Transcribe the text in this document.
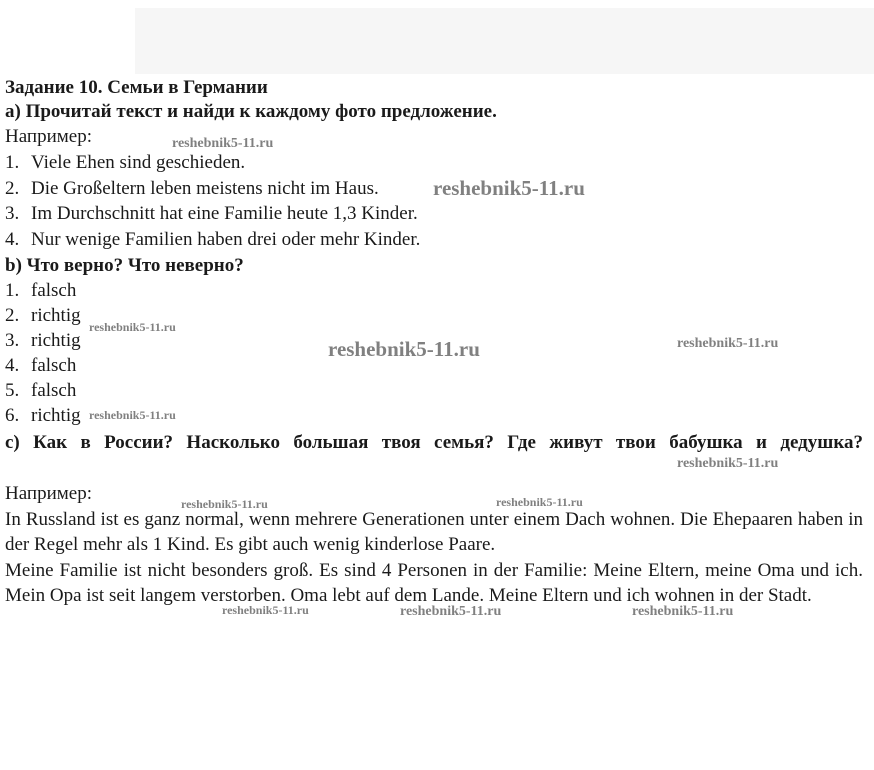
Задание 10. Семьи в Германии
a) Прочитай текст и найди к каждому фото предложение.
Например:
1. Viele Ehen sind geschieden.
2. Die Großeltern leben meistens nicht im Haus.
3. Im Durchschnitt hat eine Familie heute 1,3 Kinder.
4. Nur wenige Familien haben drei oder mehr Kinder.
b) Что верно? Что неверно?
1. falsch
2. richtig
3. richtig
4. falsch
5. falsch
6. richtig
c) Как в России? Насколько большая твоя семья? Где живут твои бабушка и дедушка?
Например:
In Russland ist es ganz normal, wenn mehrere Generationen unter einem Dach wohnen. Die Ehepaaren haben in der Regel mehr als 1 Kind. Es gibt auch wenig kinderlose Paare.
Meine Familie ist nicht besonders groß. Es sind 4 Personen in der Familie: Meine Eltern, meine Oma und ich. Mein Opa ist seit langem verstorben. Oma lebt auf dem Lande. Meine Eltern und ich wohnen in der Stadt.
reshebnik5-11.ru
reshebnik5-11.ru
reshebnik5-11.ru
reshebnik5-11.ru	reshebnik5-11.ru
reshebnik5-11.ru
reshebnik5-11.ru
reshebnik5-11.ru	reshebnik5-11.ru
reshebnik5-11.ru	reshebnik5-11.ru	reshebnik5-11.ru
